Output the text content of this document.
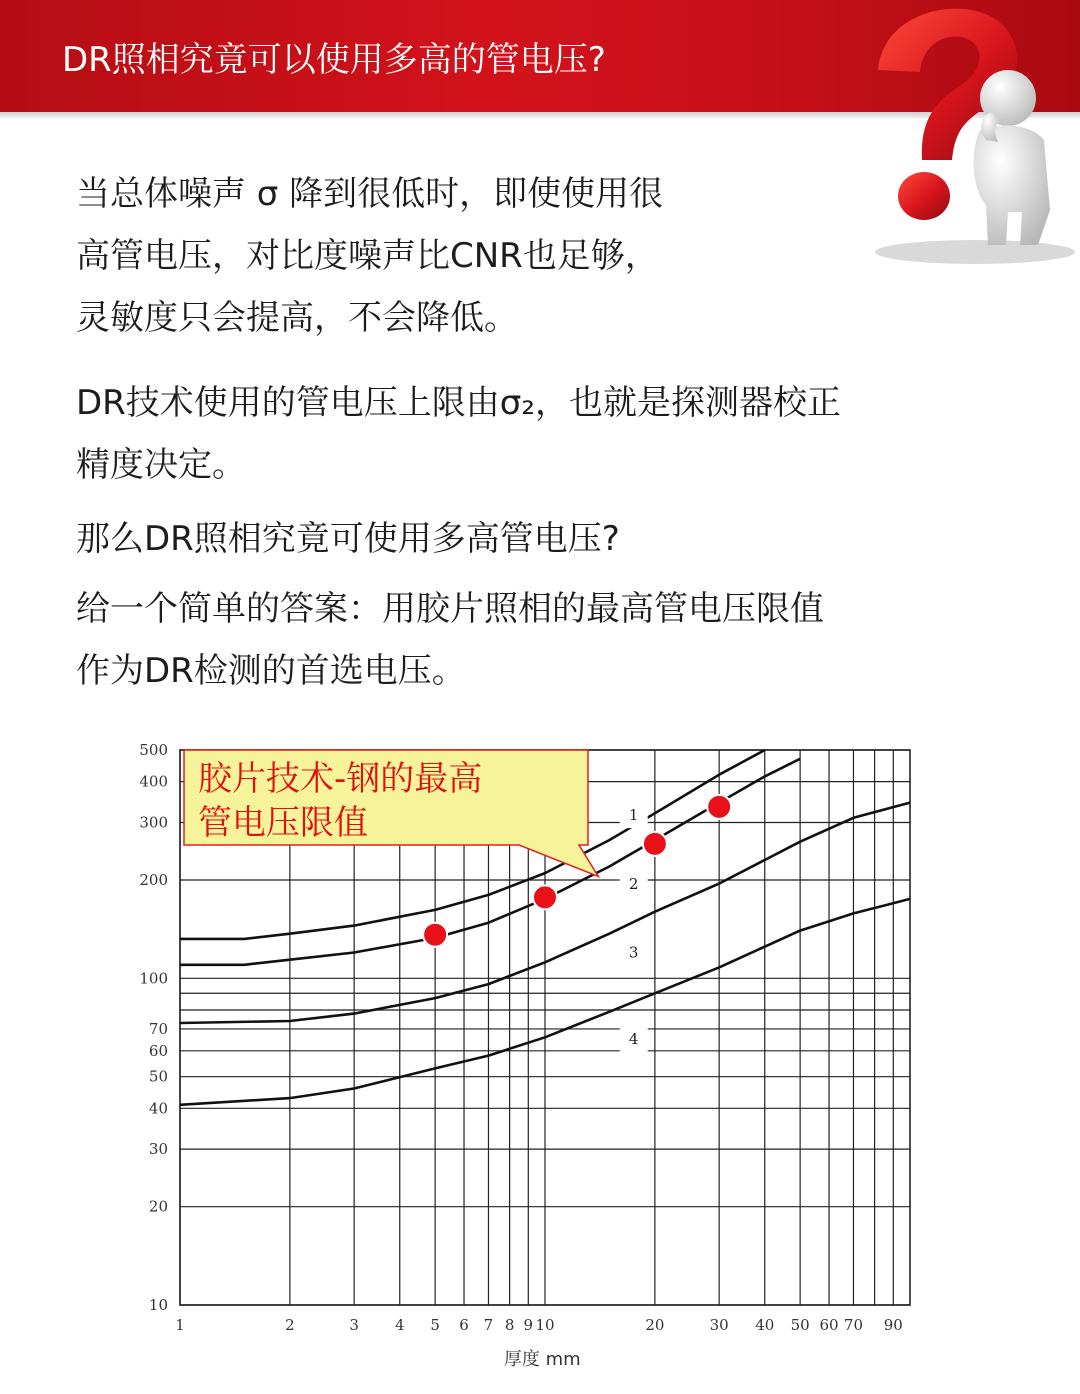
DR照相究竟可以使用多高的管电压?

当总体噪声 σ 降到很低时，即使使用很
高管电压，对比度噪声比CNR也足够，
灵敏度只会提高，不会降低。

DR技术使用的管电压上限由σ₂，也就是探测器校正
精度决定。

那么DR照相究竟可使用多高管电压?

给一个简单的答案：用胶片照相的最高管电压限值
作为DR检测的首选电压。

1	2	3 4 5 6 7 8 9 10	20	30 40 50 60 70 90
10
20
30
40
50
60
70
100
200
300
400
500
厚度 mm
1
2
3
4
胶片技术-钢的最高
管电压限值
